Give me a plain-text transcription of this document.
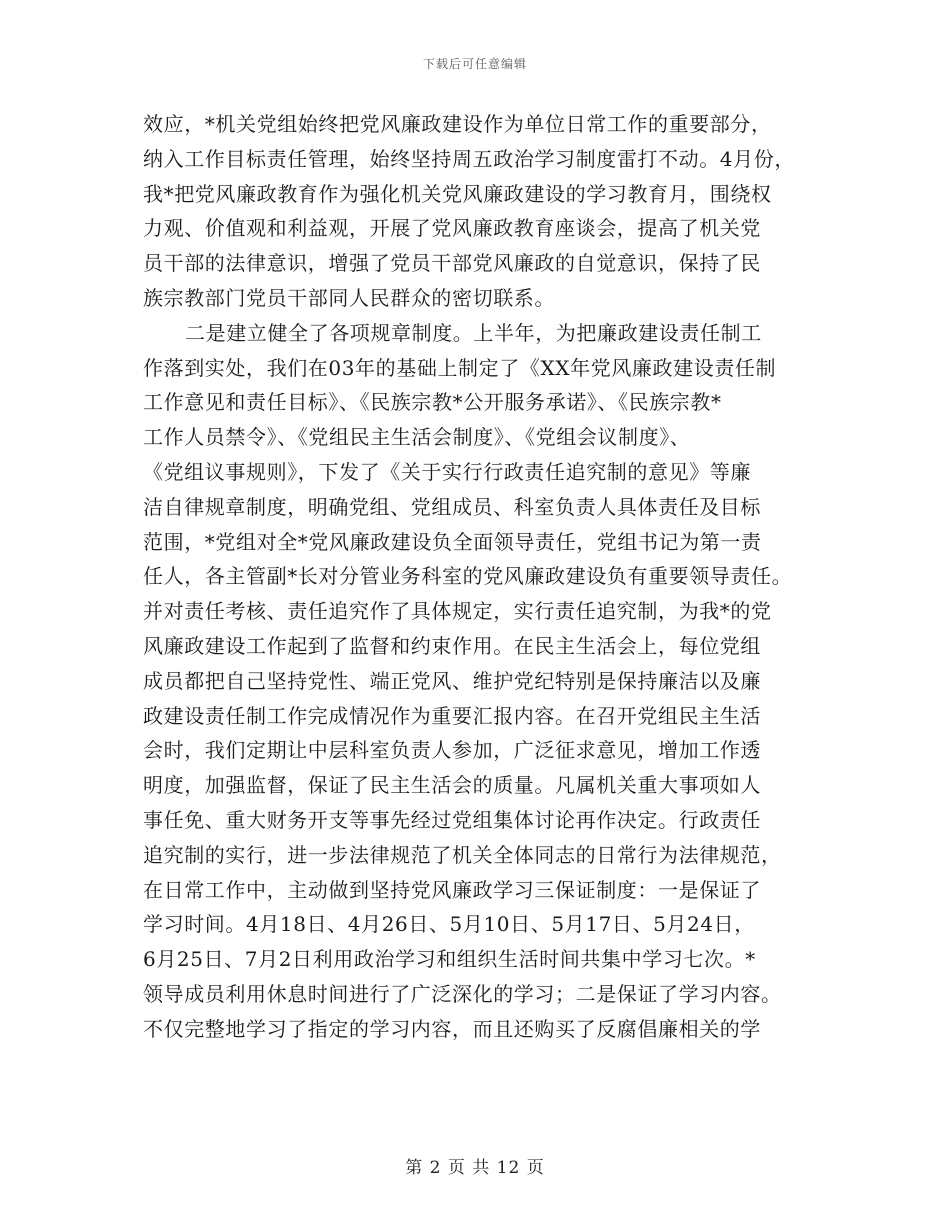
下载后可任意编辑
效应，*机关党组始终把党风廉政建设作为单位日常工作的重要部分，
纳入工作目标责任管理，始终坚持周五政治学习制度雷打不动。4月份，
我*把党风廉政教育作为强化机关党风廉政建设的学习教育月，围绕权
力观、价值观和利益观，开展了党风廉政教育座谈会，提高了机关党
员干部的法律意识，增强了党员干部党风廉政的自觉意识，保持了民
族宗教部门党员干部同人民群众的密切联系。
二是建立健全了各项规章制度。上半年，为把廉政建设责任制工
作落到实处，我们在03年的基础上制定了《XX年党风廉政建设责任制
工作意见和责任目标》、《民族宗教*公开服务承诺》、《民族宗教*
工作人员禁令》、《党组民主生活会制度》、《党组会议制度》、
《党组议事规则》，下发了《关于实行行政责任追究制的意见》等廉
洁自律规章制度，明确党组、党组成员、科室负责人具体责任及目标
范围，*党组对全*党风廉政建设负全面领导责任，党组书记为第一责
任人，各主管副*长对分管业务科室的党风廉政建设负有重要领导责任。
并对责任考核、责任追究作了具体规定，实行责任追究制，为我*的党
风廉政建设工作起到了监督和约束作用。在民主生活会上，每位党组
成员都把自己坚持党性、端正党风、维护党纪特别是保持廉洁以及廉
政建设责任制工作完成情况作为重要汇报内容。在召开党组民主生活
会时，我们定期让中层科室负责人参加，广泛征求意见，增加工作透
明度，加强监督，保证了民主生活会的质量。凡属机关重大事项如人
事任免、重大财务开支等事先经过党组集体讨论再作决定。行政责任
追究制的实行，进一步法律规范了机关全体同志的日常行为法律规范，
在日常工作中，主动做到坚持党风廉政学习三保证制度：一是保证了
学习时间。4月18日、4月26日、5月10日、5月17日、5月24日，
6月25日、7月2日利用政治学习和组织生活时间共集中学习七次。*
领导成员利用休息时间进行了广泛深化的学习；二是保证了学习内容。
不仅完整地学习了指定的学习内容，而且还购买了反腐倡廉相关的学
第 2 页 共 12 页
